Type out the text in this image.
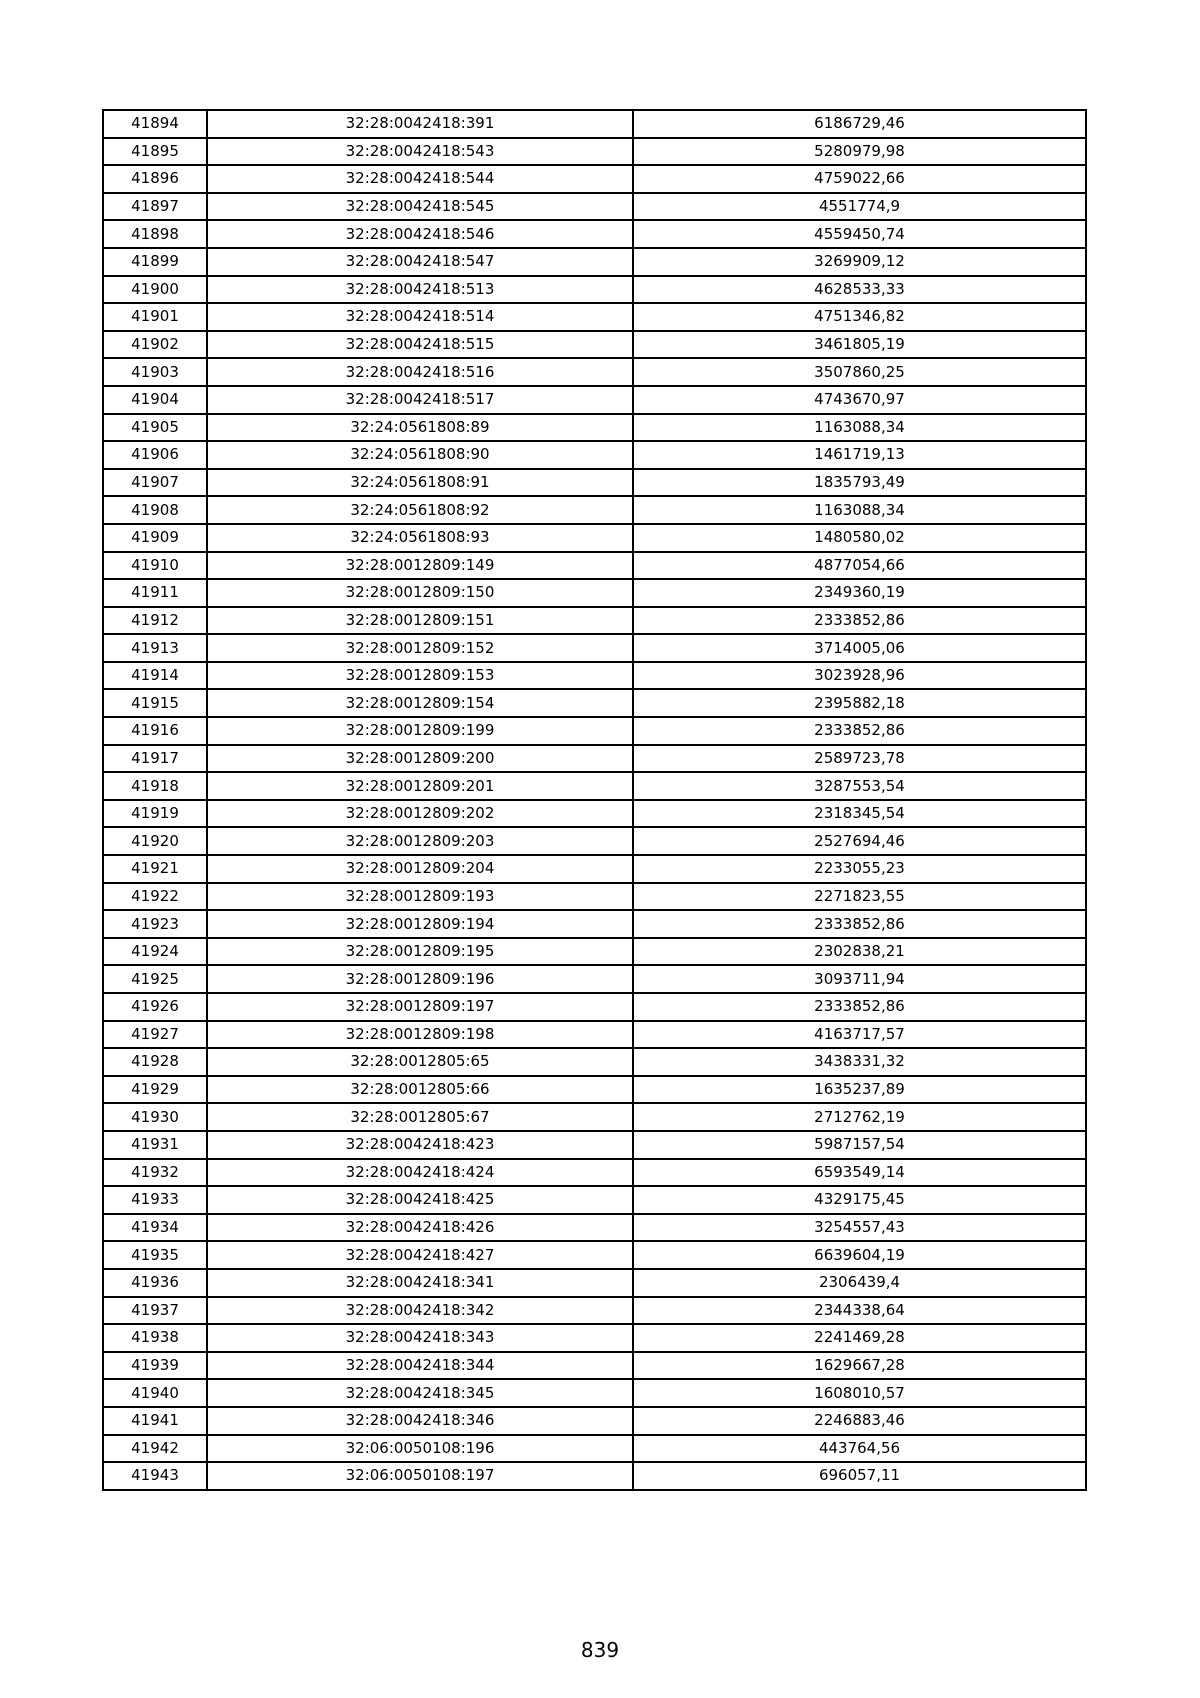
41894	32:28:0042418:391	6186729,46
41895	32:28:0042418:543	5280979,98
41896	32:28:0042418:544	4759022,66
41897	32:28:0042418:545	4551774,9
41898	32:28:0042418:546	4559450,74
41899	32:28:0042418:547	3269909,12
41900	32:28:0042418:513	4628533,33
41901	32:28:0042418:514	4751346,82
41902	32:28:0042418:515	3461805,19
41903	32:28:0042418:516	3507860,25
41904	32:28:0042418:517	4743670,97
41905	32:24:0561808:89	1163088,34
41906	32:24:0561808:90	1461719,13
41907	32:24:0561808:91	1835793,49
41908	32:24:0561808:92	1163088,34
41909	32:24:0561808:93	1480580,02
41910	32:28:0012809:149	4877054,66
41911	32:28:0012809:150	2349360,19
41912	32:28:0012809:151	2333852,86
41913	32:28:0012809:152	3714005,06
41914	32:28:0012809:153	3023928,96
41915	32:28:0012809:154	2395882,18
41916	32:28:0012809:199	2333852,86
41917	32:28:0012809:200	2589723,78
41918	32:28:0012809:201	3287553,54
41919	32:28:0012809:202	2318345,54
41920	32:28:0012809:203	2527694,46
41921	32:28:0012809:204	2233055,23
41922	32:28:0012809:193	2271823,55
41923	32:28:0012809:194	2333852,86
41924	32:28:0012809:195	2302838,21
41925	32:28:0012809:196	3093711,94
41926	32:28:0012809:197	2333852,86
41927	32:28:0012809:198	4163717,57
41928	32:28:0012805:65	3438331,32
41929	32:28:0012805:66	1635237,89
41930	32:28:0012805:67	2712762,19
41931	32:28:0042418:423	5987157,54
41932	32:28:0042418:424	6593549,14
41933	32:28:0042418:425	4329175,45
41934	32:28:0042418:426	3254557,43
41935	32:28:0042418:427	6639604,19
41936	32:28:0042418:341	2306439,4
41937	32:28:0042418:342	2344338,64
41938	32:28:0042418:343	2241469,28
41939	32:28:0042418:344	1629667,28
41940	32:28:0042418:345	1608010,57
41941	32:28:0042418:346	2246883,46
41942	32:06:0050108:196	443764,56
41943	32:06:0050108:197	696057,11
839
